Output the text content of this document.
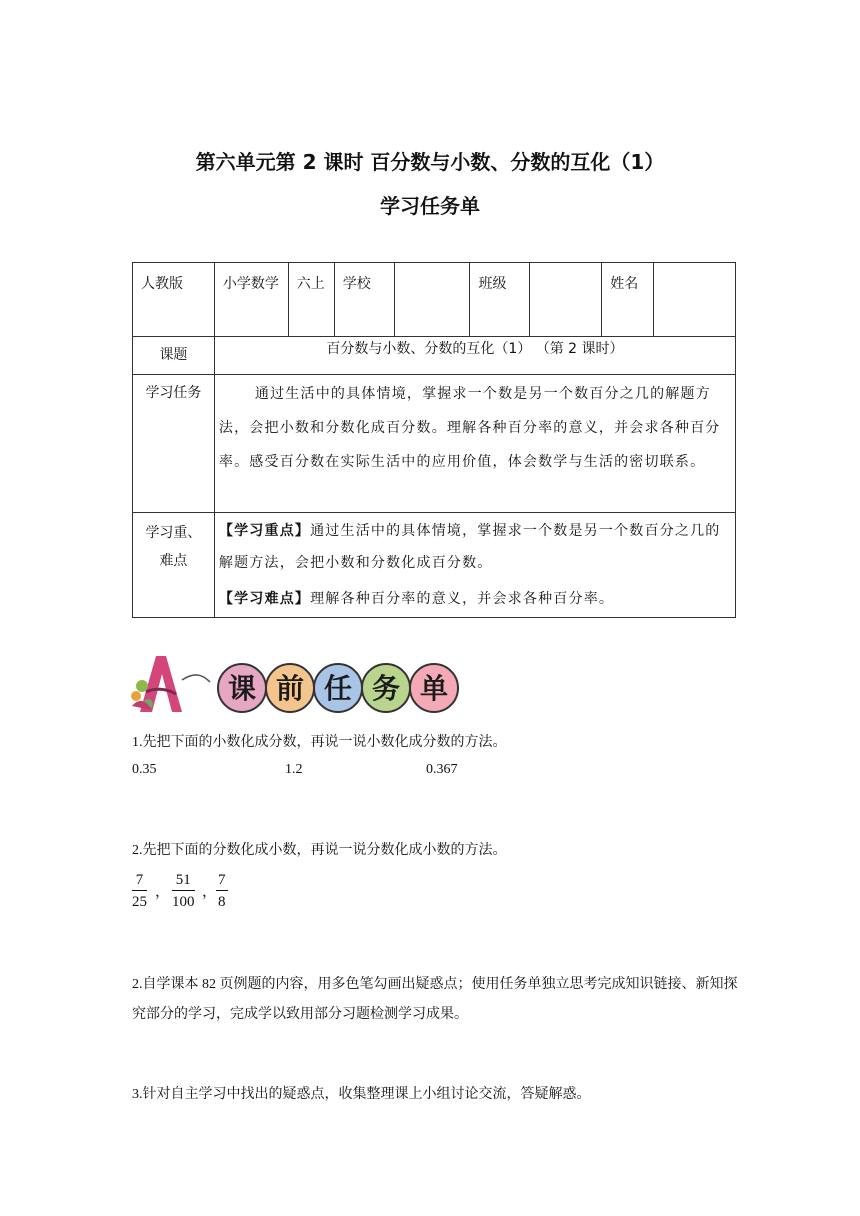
第六单元第 2 课时 百分数与小数、分数的互化（1）
学习任务单
人教版	小学数学	六上	学校		班级		姓名	

课题	百分数与小数、分数的互化（1） （第 2 课时）							

学习任务	通过生活中的具体情境，掌握求一个数是另一个数百分之几的解题方法，会把小数和分数化成百分数。理解各种百分率的意义，并会求各种百分率。感受百分数在实际生活中的应用价值，体会数学与生活的密切联系。							

学习重、难点	【学习重点】通过生活中的具体情境，掌握求一个数是另一个数百分之几的解题方法，会把小数和分数化成百分数。
【学习难点】理解各种百分率的意义，并会求各种百分率。							
A
课 前 任 务 单
1.先把下面的小数化成分数，再说一说小数化成分数的方法。
0.35	1.2	0.367
2.先把下面的分数化成小数，再说一说分数化成小数的方法。
$\frac{7}{25}$ ， $\frac{51}{100}$ ，
$\frac{7}{8}$
2.自学课本 82 页例题的内容，用多色笔勾画出疑惑点；使用任务单独立思考完成知识链接、新知探究部分的学习，完成学以致用部分习题检测学习成果。
3.针对自主学习中找出的疑惑点，收集整理课上小组讨论交流，答疑解惑。
